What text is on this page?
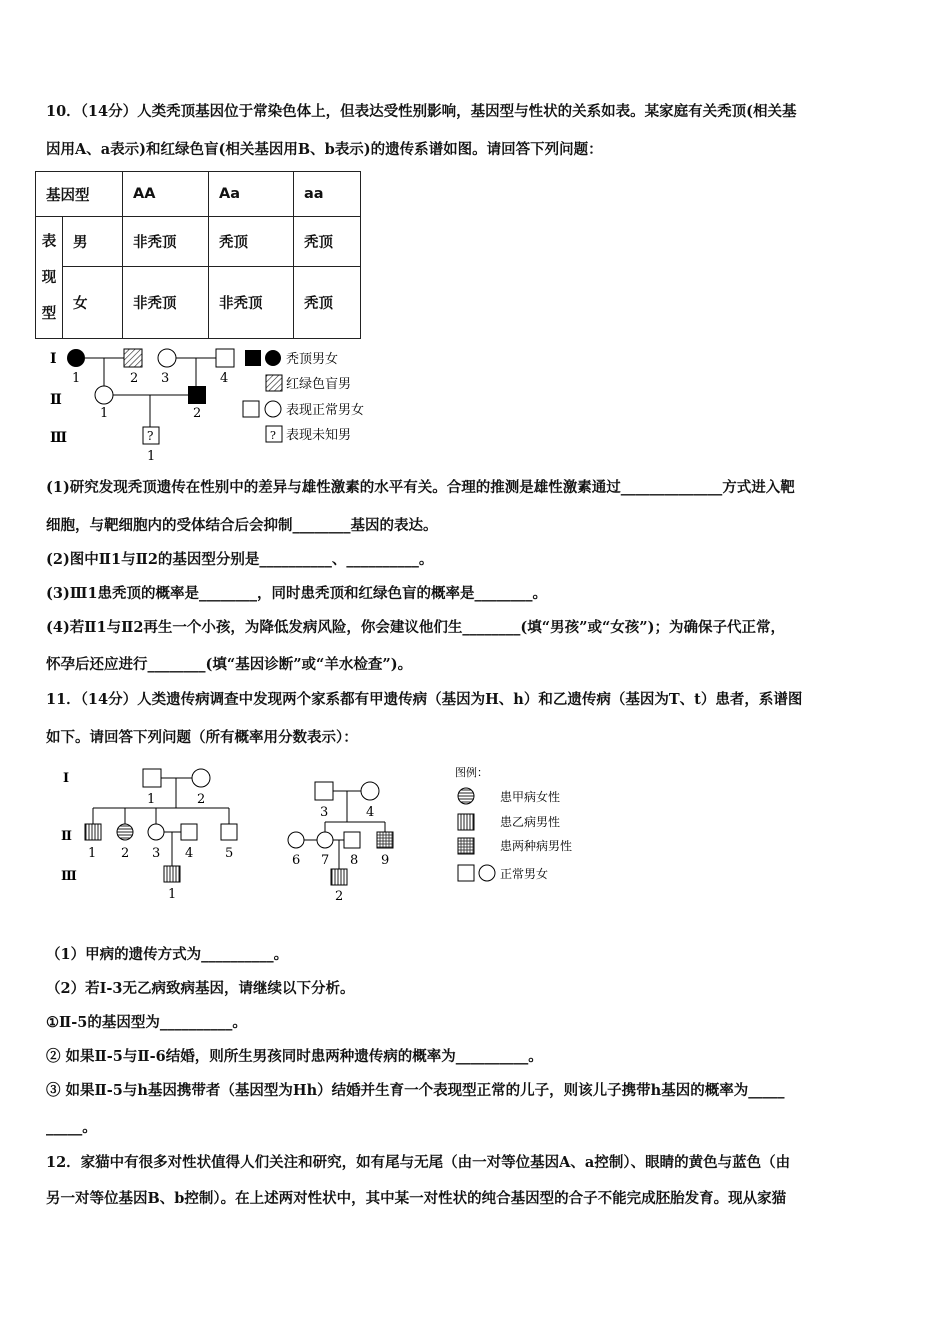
10．（14分）人类秃顶基因位于常染色体上，但表达受性别影响，基因型与性状的关系如表。某家庭有关秃顶(相关基
因用A、a表示)和红绿色盲(相关基因用B、b表示)的遗传系谱如图。请回答下列问题：
基因型		AA	Aa	aa
表
现
型	男	非秃顶	秃顶	秃顶
	女	非秃顶	非秃顶	秃顶
Ⅰ
Ⅱ
Ⅲ
1	2 3	4
1	2
?
1
秃顶男女
红绿色盲男
表现正常男女
? 表现未知男
(1)研究发现秃顶遗传在性别中的差异与雄性激素的水平有关。合理的推测是雄性激素通过______________方式进入靶
细胞，与靶细胞内的受体结合后会抑制________基因的表达。
(2)图中Ⅱ1与Ⅱ2的基因型分别是__________、__________。
(3)Ⅲ1患秃顶的概率是________，同时患秃顶和红绿色盲的概率是________。
(4)若Ⅱ1与Ⅱ2再生一个小孩，为降低发病风险，你会建议他们生________(填“男孩”或“女孩”)；为确保子代正常，
怀孕后还应进行________(填“基因诊断”或“羊水检查”)。
11．（14分）人类遗传病调查中发现两个家系都有甲遗传病（基因为H、h）和乙遗传病（基因为T、t）患者，系谱图
如下。请回答下列问题（所有概率用分数表示）：
Ⅰ
Ⅱ
Ⅲ
1	2
1 2 3 4 5
1
3	4
6 7 8 9
2
图例：
患甲病女性
患乙病男性
患两种病男性
正常男女
（1）甲病的遗传方式为__________。
（2）若I-3无乙病致病基因，请继续以下分析。
①Ⅱ-5的基因型为__________。
② 如果Ⅱ-5与Ⅱ-6结婚，则所生男孩同时患两种遗传病的概率为__________。
③ 如果Ⅱ-5与h基因携带者（基因型为Hh）结婚并生育一个表现型正常的儿子，则该儿子携带h基因的概率为_____
_____。
12．家猫中有很多对性状值得人们关注和研究，如有尾与无尾（由一对等位基因A、a控制）、眼睛的黄色与蓝色（由
另一对等位基因B、b控制）。在上述两对性状中，其中某一对性状的纯合基因型的合子不能完成胚胎发育。现从家猫
